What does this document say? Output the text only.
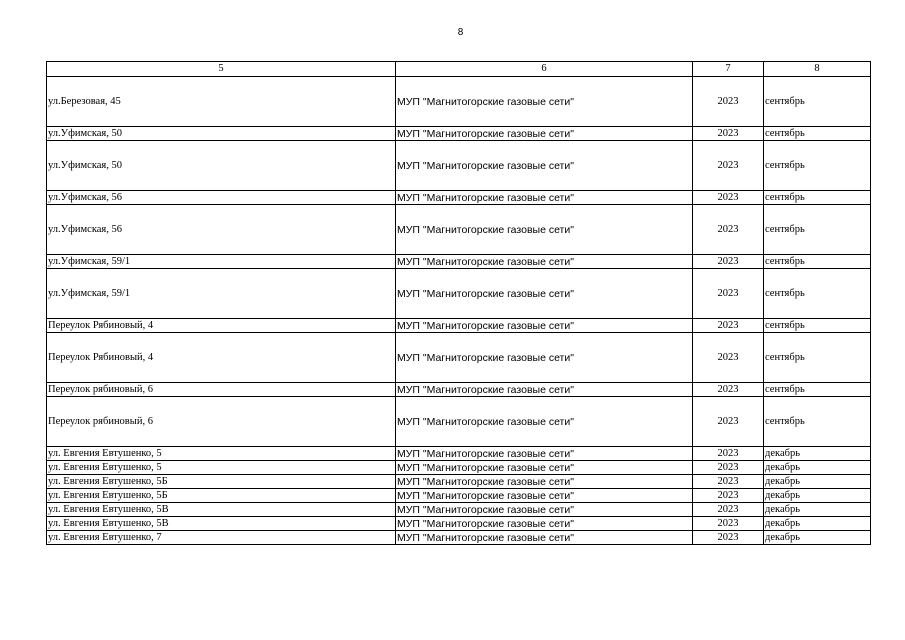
8
5	6	7	8
ул.Березовая, 45	МУП "Магнитогорские газовые сети"	2023	сентябрь
ул.Уфимская, 50	МУП "Магнитогорские газовые сети"	2023	сентябрь
ул.Уфимская, 50	МУП "Магнитогорские газовые сети"	2023	сентябрь
ул.Уфимская, 56	МУП "Магнитогорские газовые сети"	2023	сентябрь
ул.Уфимская, 56	МУП "Магнитогорские газовые сети"	2023	сентябрь
ул.Уфимская, 59/1	МУП "Магнитогорские газовые сети"	2023	сентябрь
ул.Уфимская, 59/1	МУП "Магнитогорские газовые сети"	2023	сентябрь
Переулок Рябиновый, 4	МУП "Магнитогорские газовые сети"	2023	сентябрь
Переулок Рябиновый, 4	МУП "Магнитогорские газовые сети"	2023	сентябрь
Переулок рябиновый, 6	МУП "Магнитогорские газовые сети"	2023	сентябрь
Переулок рябиновый, 6	МУП "Магнитогорские газовые сети"	2023	сентябрь
ул. Евгения Евтушенко, 5	МУП "Магнитогорские газовые сети"	2023	декабрь
ул. Евгения Евтушенко, 5	МУП "Магнитогорские газовые сети"	2023	декабрь
ул. Евгения Евтушенко, 5Б	МУП "Магнитогорские газовые сети"	2023	декабрь
ул. Евгения Евтушенко, 5Б	МУП "Магнитогорские газовые сети"	2023	декабрь
ул. Евгения Евтушенко, 5В	МУП "Магнитогорские газовые сети"	2023	декабрь
ул. Евгения Евтушенко, 5В	МУП "Магнитогорские газовые сети"	2023	декабрь
ул. Евгения Евтушенко, 7	МУП "Магнитогорские газовые сети"	2023	декабрь
